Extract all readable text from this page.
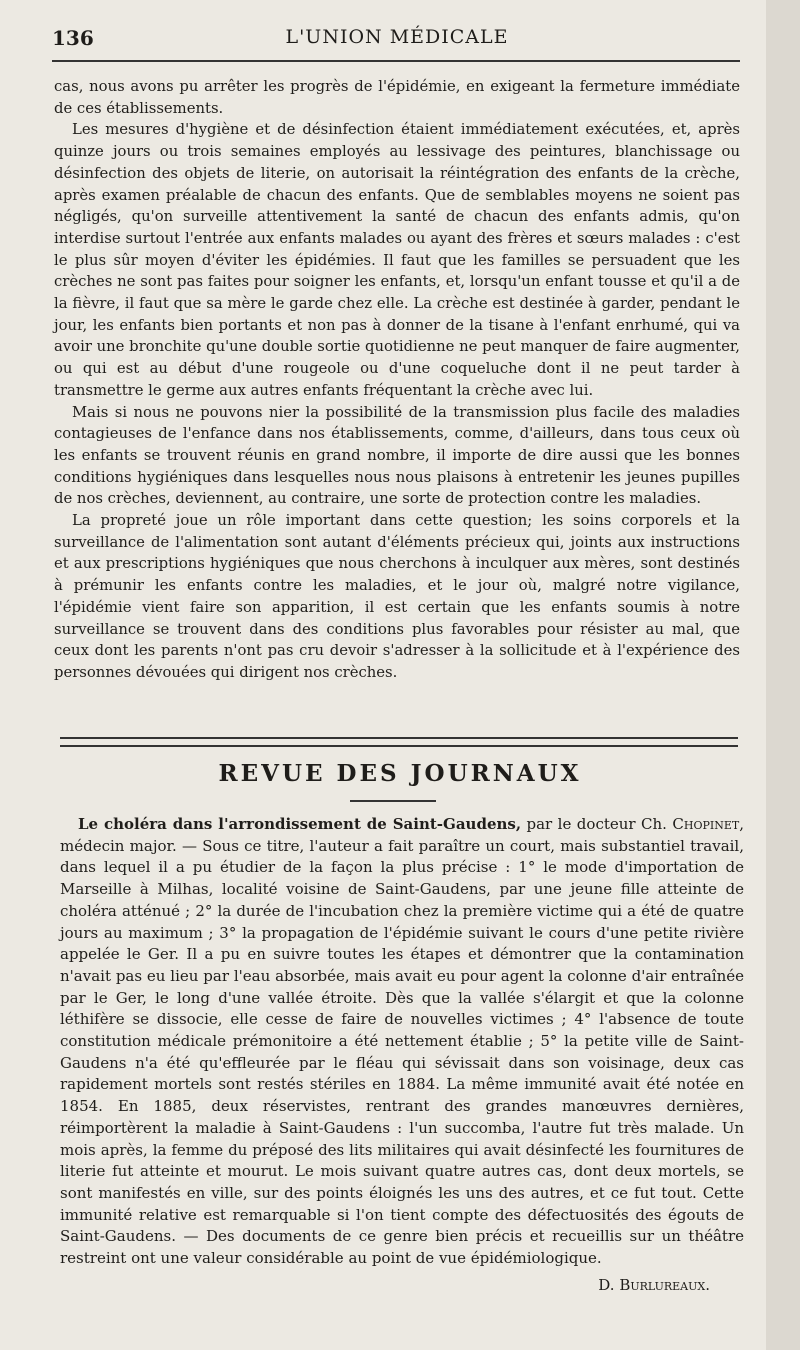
136	L'UNION MÉDICALE

cas, nous avons pu arrêter les progrès de l'épidémie, en exigeant la fermeture immédiate de ces établissements.

Les mesures d'hygiène et de désinfection étaient immédiatement exécutées, et, après quinze jours ou trois semaines employés au lessivage des peintures, blanchissage ou désinfection des objets de literie, on autorisait la réintégration des enfants de la crèche, après examen préalable de chacun des enfants. Que de semblables moyens ne soient pas négligés, qu'on surveille attentivement la santé de chacun des enfants admis, qu'on interdise surtout l'entrée aux enfants malades ou ayant des frères et sœurs malades : c'est le plus sûr moyen d'éviter les épidémies. Il faut que les familles se persuadent que les crèches ne sont pas faites pour soigner les enfants, et, lorsqu'un enfant tousse et qu'il a de la fièvre, il faut que sa mère le garde chez elle. La crèche est destinée à garder, pendant le jour, les enfants bien portants et non pas à donner de la tisane à l'enfant enrhumé, qui va avoir une bronchite qu'une double sortie quotidienne ne peut manquer de faire augmenter, ou qui est au début d'une rougeole ou d'une coqueluche dont il ne peut tarder à transmettre le germe aux autres enfants fréquentant la crèche avec lui.

Mais si nous ne pouvons nier la possibilité de la transmission plus facile des maladies contagieuses de l'enfance dans nos établissements, comme, d'ailleurs, dans tous ceux où les enfants se trouvent réunis en grand nombre, il importe de dire aussi que les bonnes conditions hygiéniques dans lesquelles nous nous plaisons à entretenir les jeunes pupilles de nos crèches, deviennent, au contraire, une sorte de protection contre les maladies.

La propreté joue un rôle important dans cette question; les soins corporels et la surveillance de l'alimentation sont autant d'éléments précieux qui, joints aux instructions et aux prescriptions hygiéniques que nous cherchons à inculquer aux mères, sont destinés à prémunir les enfants contre les maladies, et le jour où, malgré notre vigilance, l'épidémie vient faire son apparition, il est certain que les enfants soumis à notre surveillance se trouvent dans des conditions plus favorables pour résister au mal, que ceux dont les parents n'ont pas cru devoir s'adresser à la sollicitude et à l'expérience des personnes dévouées qui dirigent nos crèches.

REVUE DES JOURNAUX

Le choléra dans l'arrondissement de Saint-Gaudens, par le docteur Ch. Chopinet, médecin major. — Sous ce titre, l'auteur a fait paraître un court, mais substantiel travail, dans lequel il a pu étudier de la façon la plus précise : 1° le mode d'importation de Marseille à Milhas, localité voisine de Saint-Gaudens, par une jeune fille atteinte de choléra atténué ; 2° la durée de l'incubation chez la première victime qui a été de quatre jours au maximum ; 3° la propagation de l'épidémie suivant le cours d'une petite rivière appelée le Ger. Il a pu en suivre toutes les étapes et démontrer que la contamination n'avait pas eu lieu par l'eau absorbée, mais avait eu pour agent la colonne d'air entraînée par le Ger, le long d'une vallée étroite. Dès que la vallée s'élargit et que la colonne léthifère se dissocie, elle cesse de faire de nouvelles victimes ; 4° l'absence de toute constitution médicale prémonitoire a été nettement établie ; 5° la petite ville de Saint-Gaudens n'a été qu'effleurée par le fléau qui sévissait dans son voisinage, deux cas rapidement mortels sont restés stériles en 1884. La même immunité avait été notée en 1854. En 1885, deux réservistes, rentrant des grandes manœuvres dernières, réimportèrent la maladie à Saint-Gaudens : l'un succomba, l'autre fut très malade. Un mois après, la femme du préposé des lits militaires qui avait désinfecté les fournitures de literie fut atteinte et mourut. Le mois suivant quatre autres cas, dont deux mortels, se sont manifestés en ville, sur des points éloignés les uns des autres, et ce fut tout. Cette immunité relative est remarquable si l'on tient compte des défectuosités des égouts de Saint-Gaudens. — Des documents de ce genre bien précis et recueillis sur un théâtre restreint ont une valeur considérable au point de vue épidémiologique.

D. Burlureaux.
